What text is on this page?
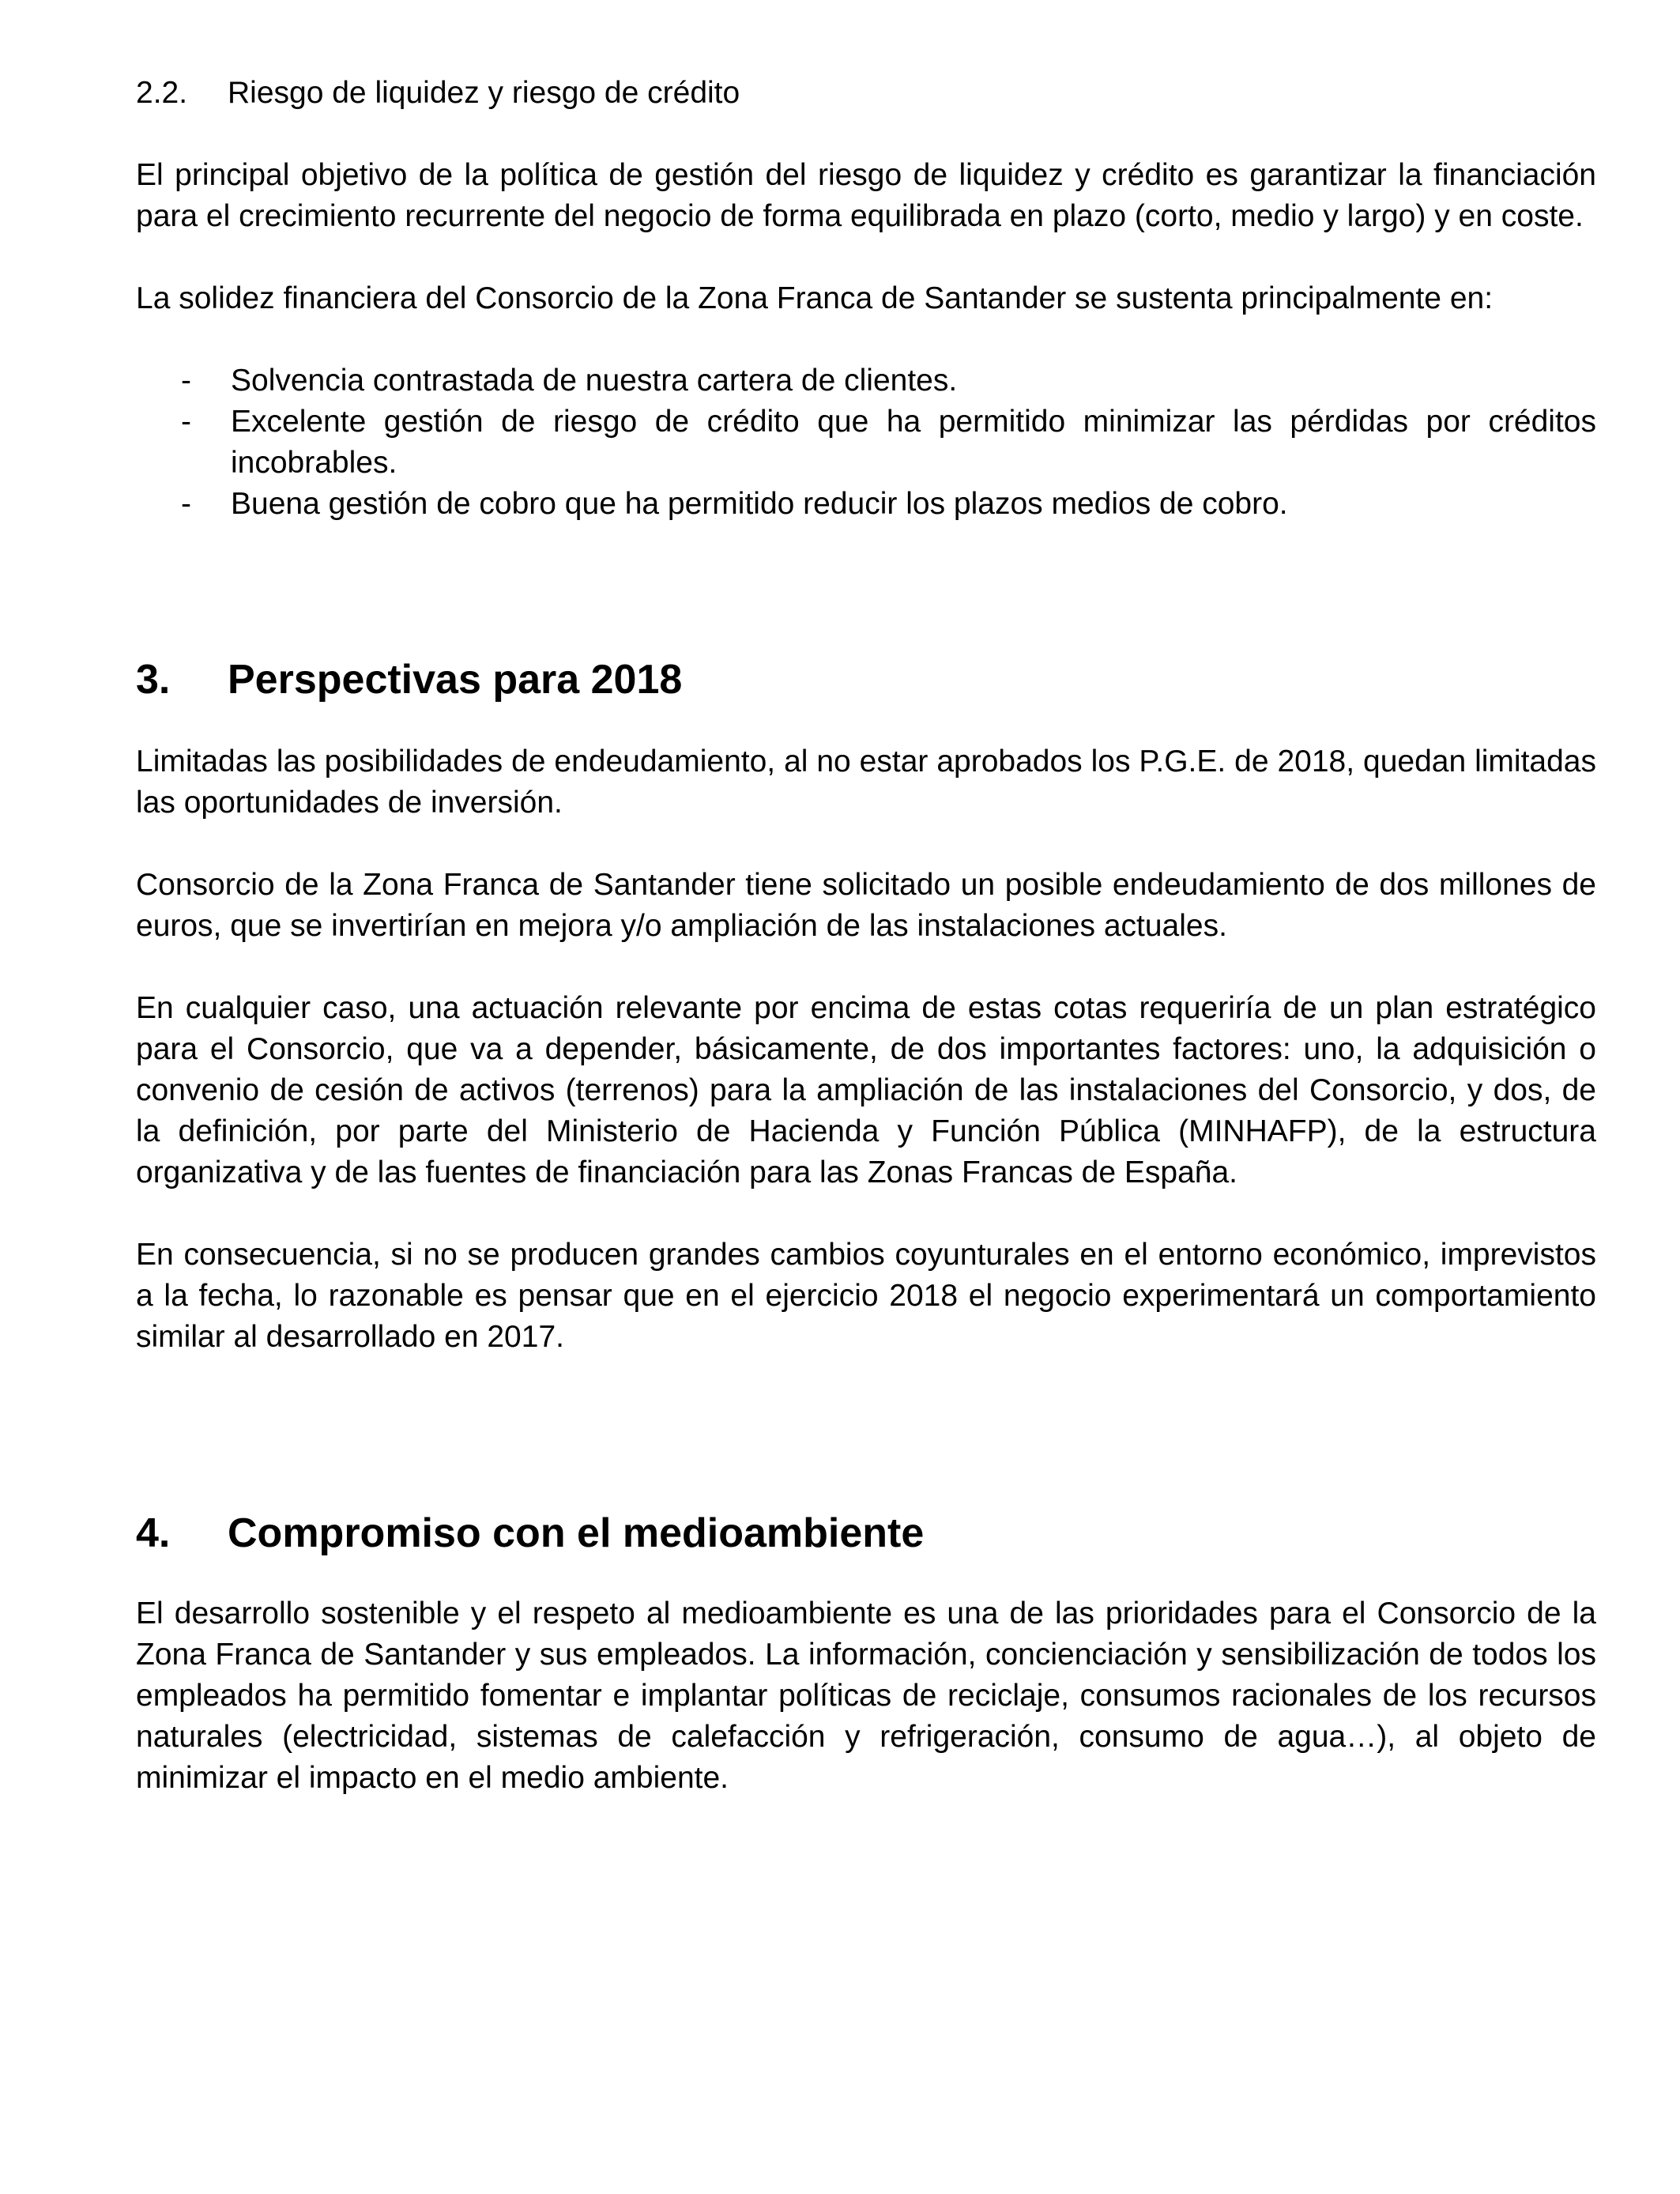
2.2.	Riesgo de liquidez y riesgo de crédito

El principal objetivo de la política de gestión del riesgo de liquidez y crédito es garantizar la financiación para el crecimiento recurrente del negocio de forma equilibrada en plazo (corto, medio y largo) y en coste.

La solidez financiera del Consorcio de la Zona Franca de Santander se sustenta principalmente en:

-	Solvencia contrastada de nuestra cartera de clientes.
-	Excelente gestión de riesgo de crédito que ha permitido minimizar las pérdidas por créditos incobrables.
-	Buena gestión de cobro que ha permitido reducir los plazos medios de cobro.
3.	Perspectivas para 2018

Limitadas las posibilidades de endeudamiento, al no estar aprobados los P.G.E. de 2018, quedan limitadas las oportunidades de inversión.

Consorcio de la Zona Franca de Santander tiene solicitado un posible endeudamiento de dos millones de euros, que se invertirían en mejora y/o ampliación de las instalaciones actuales.

En cualquier caso, una actuación relevante por encima de estas cotas requeriría de un plan estratégico para el Consorcio, que va a depender, básicamente, de dos importantes factores: uno, la adquisición o convenio de cesión de activos (terrenos) para la ampliación de las instalaciones del Consorcio, y dos, de la definición, por parte del Ministerio de Hacienda y Función Pública (MINHAFP), de la estructura organizativa y de las fuentes de financiación para las Zonas Francas de España.

En consecuencia, si no se producen grandes cambios coyunturales en el entorno económico, imprevistos a la fecha, lo razonable es pensar que en el ejercicio 2018 el negocio experimentará un comportamiento similar al desarrollado en 2017.

4.	Compromiso con el medioambiente

El desarrollo sostenible y el respeto al medioambiente es una de las prioridades para el Consorcio de la Zona Franca de Santander y sus empleados. La información, concienciación y sensibilización de todos los empleados ha permitido fomentar e implantar políticas de reciclaje, consumos racionales de los recursos naturales (electricidad, sistemas de calefacción y refrigeración, consumo de agua…), al objeto de minimizar el impacto en el medio ambiente.
